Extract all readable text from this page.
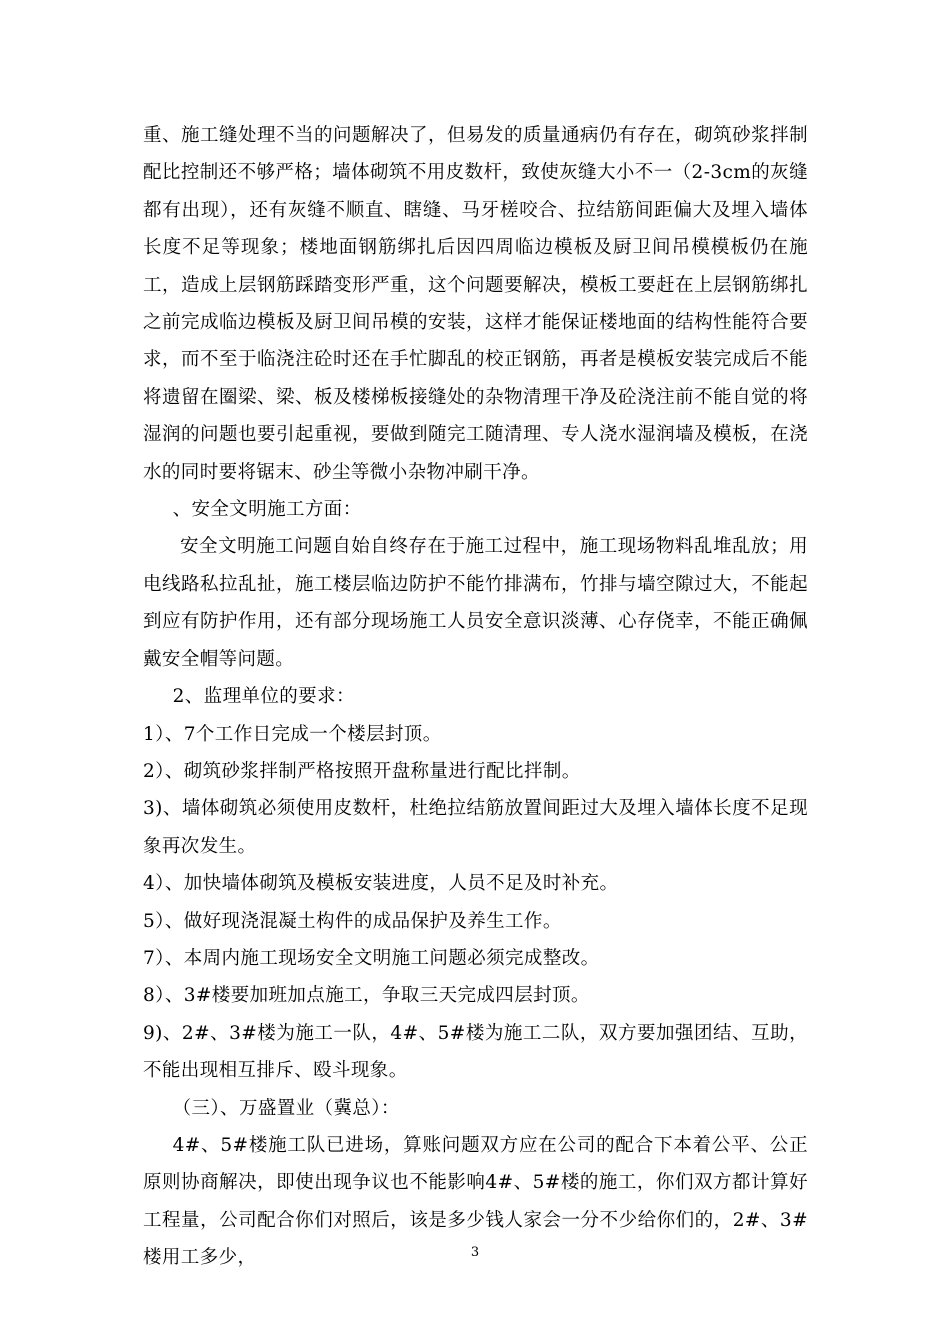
重、施工缝处理不当的问题解决了，但易发的质量通病仍有存在，砌筑砂浆拌制配比控制还不够严格；墙体砌筑不用皮数杆，致使灰缝大小不一（2-3cm的灰缝都有出现），还有灰缝不顺直、瞎缝、马牙槎咬合、拉结筋间距偏大及埋入墙体长度不足等现象；楼地面钢筋绑扎后因四周临边模板及厨卫间吊模模板仍在施工，造成上层钢筋踩踏变形严重，这个问题要解决，模板工要赶在上层钢筋绑扎之前完成临边模板及厨卫间吊模的安装，这样才能保证楼地面的结构性能符合要求，而不至于临浇注砼时还在手忙脚乱的校正钢筋，再者是模板安装完成后不能将遗留在圈梁、梁、板及楼梯板接缝处的杂物清理干净及砼浇注前不能自觉的将湿润的问题也要引起重视，要做到随完工随清理、专人浇水湿润墙及模板，在浇水的同时要将锯末、砂尘等微小杂物冲刷干净。

、安全文明施工方面：

安全文明施工问题自始自终存在于施工过程中，施工现场物料乱堆乱放；用电线路私拉乱扯，施工楼层临边防护不能竹排满布，竹排与墙空隙过大，不能起到应有防护作用，还有部分现场施工人员安全意识淡薄、心存侥幸，不能正确佩戴安全帽等问题。

2、监理单位的要求：

1）、7个工作日完成一个楼层封顶。

2）、砌筑砂浆拌制严格按照开盘称量进行配比拌制。

3)、墙体砌筑必须使用皮数杆，杜绝拉结筋放置间距过大及埋入墙体长度不足现象再次发生。

4）、加快墙体砌筑及模板安装进度，人员不足及时补充。

5）、做好现浇混凝土构件的成品保护及养生工作。

7）、本周内施工现场安全文明施工问题必须完成整改。

8）、3#楼要加班加点施工，争取三天完成四层封顶。

9)、2#、3#楼为施工一队，4#、5#楼为施工二队，双方要加强团结、互助，不能出现相互排斥、殴斗现象。

（三）、万盛置业（冀总）：

4#、5#楼施工队已进场，算账问题双方应在公司的配合下本着公平、公正原则协商解决，即使出现争议也不能影响4#、5#楼的施工，你们双方都计算好工程量，公司配合你们对照后，该是多少钱人家会一分不少给你们的，2#、3#楼用工多少，	3
